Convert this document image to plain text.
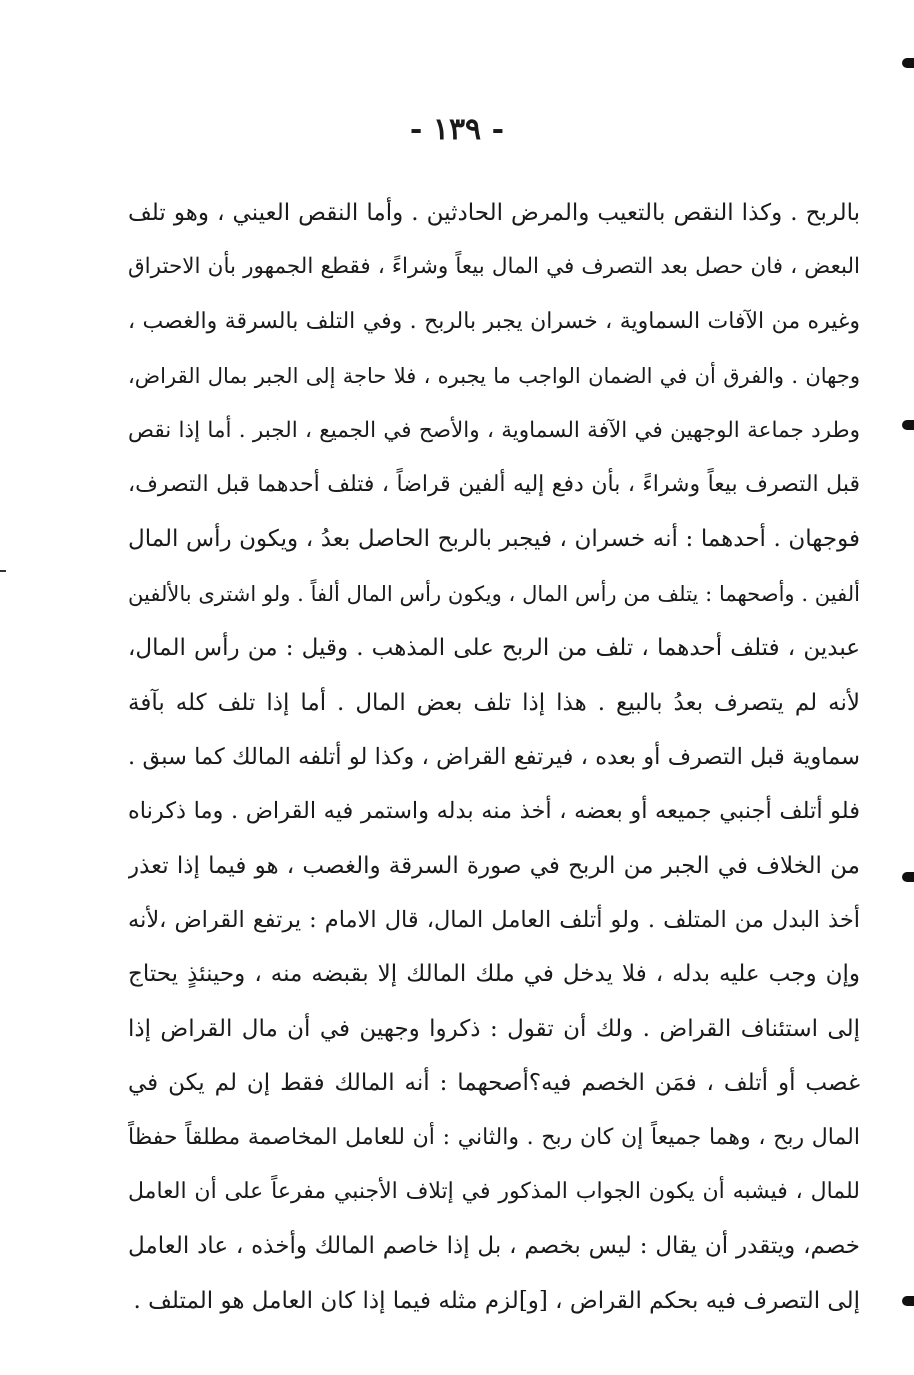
- ١٣٩ -
بالربح . وكذا النقص بالتعيب والمرض الحادثين . وأما النقص العيني ، وهو تلف
البعض ، فان حصل بعد التصرف في المال بيعاً وشراءً ، فقطع الجمهور بأن الاحتراق
وغيره من الآفات السماوية ، خسران يجبر بالربح . وفي التلف بالسرقة والغصب ،
وجهان . والفرق أن في الضمان الواجب ما يجبره ، فلا حاجة إلى الجبر بمال القراض،
وطرد جماعة الوجهين في الآفة السماوية ، والأصح في الجميع ، الجبر . أما إذا نقص
قبل التصرف بيعاً وشراءً ، بأن دفع إليه ألفين قراضاً ، فتلف أحدهما قبل التصرف،
فوجهان . أحدهما : أنه خسران ، فيجبر بالربح الحاصل بعدُ ، ويكون رأس المال
ألفين . وأصحهما : يتلف من رأس المال ، ويكون رأس المال ألفاً . ولو اشترى بالألفين
عبدين ، فتلف أحدهما ، تلف من الربح على المذهب . وقيل : من رأس المال،
لأنه لم يتصرف بعدُ بالبيع . هذا إذا تلف بعض المال . أما إذا تلف كله بآفة
سماوية قبل التصرف أو بعده ، فيرتفع القراض ، وكذا لو أتلفه المالك كما سبق .
فلو أتلف أجنبي جميعه أو بعضه ، أخذ منه بدله واستمر فيه القراض . وما ذكرناه
من الخلاف في الجبر من الربح في صورة السرقة والغصب ، هو فيما إذا تعذر
أخذ البدل من المتلف . ولو أتلف العامل المال، قال الامام : يرتفع القراض ،لأنه
وإن وجب عليه بدله ، فلا يدخل في ملك المالك إلا بقبضه منه ، وحينئذٍ يحتاج
إلى استئناف القراض . ولك أن تقول : ذكروا وجهين في أن مال القراض إذا
غصب أو أتلف ، فمَن الخصم فيه؟أصحهما : أنه المالك فقط إن لم يكن في
المال ربح ، وهما جميعاً إن كان ربح . والثاني : أن للعامل المخاصمة مطلقاً حفظاً
للمال ، فيشبه أن يكون الجواب المذكور في إتلاف الأجنبي مفرعاً على أن العامل
خصم، ويتقدر أن يقال : ليس بخصم ، بل إذا خاصم المالك وأخذه ، عاد العامل
إلى التصرف فيه بحكم القراض ، [و]لزم مثله فيما إذا كان العامل هو المتلف .
